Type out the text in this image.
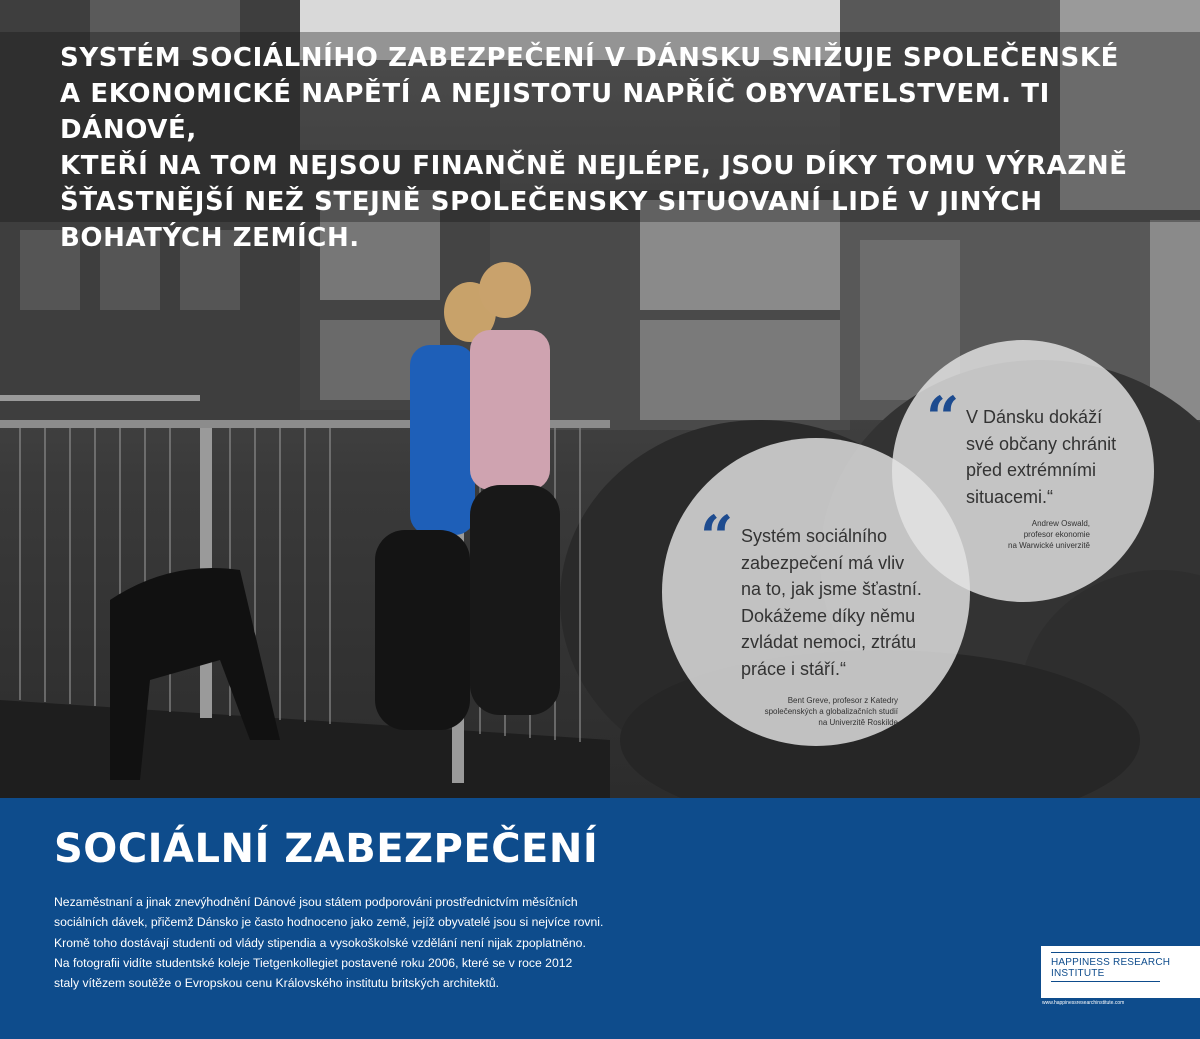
SYSTÉM SOCIÁLNÍHO ZABEZPEČENÍ V DÁNSKU SNIŽUJE SPOLEČENSKÉ
A EKONOMICKÉ NAPĚTÍ A NEJISTOTU NAPŘÍČ OBYVATELSTVEM. TI DÁNOVÉ,
KTEŘÍ NA TOM NEJSOU FINANČNĚ NEJLÉPE, JSOU DÍKY TOMU VÝRAZNĚ
ŠŤASTNĚJŠÍ NEŽ STEJNĚ SPOLEČENSKY SITUOVANÍ LIDÉ V JINÝCH
BOHATÝCH ZEMÍCH.
“ Systém sociálního
zabezpečení má vliv
na to, jak jsme šťastní.
Dokážeme díky němu
zvládat nemoci, ztrátu
práce i stáří.“
Bent Greve, profesor z Katedry
společenských a globalizačních studií
na Univerzitě Roskilde
“ V Dánsku dokáží
své občany chránit
před extrémními
situacemi.“
Andrew Oswald,
profesor ekonomie
na Warwické univerzitě
SOCIÁLNÍ ZABEZPEČENÍ
Nezaměstnaní a jinak znevýhodnění Dánové jsou státem podporováni prostřednictvím měsíčních
sociálních dávek, přičemž Dánsko je často hodnoceno jako země, jejíž obyvatelé jsou si nejvíce rovni.
Kromě toho dostávají studenti od vlády stipendia a vysokoškolské vzdělání není nijak zpoplatněno.
Na fotografii vidíte studentské koleje Tietgenkollegiet postavené roku 2006, které se v roce 2012
staly vítězem soutěže o Evropskou cenu Královského institutu britských architektů.
HAPPINESS RESEARCH
INSTITUTE
www.happinessresearchinstitute.com
